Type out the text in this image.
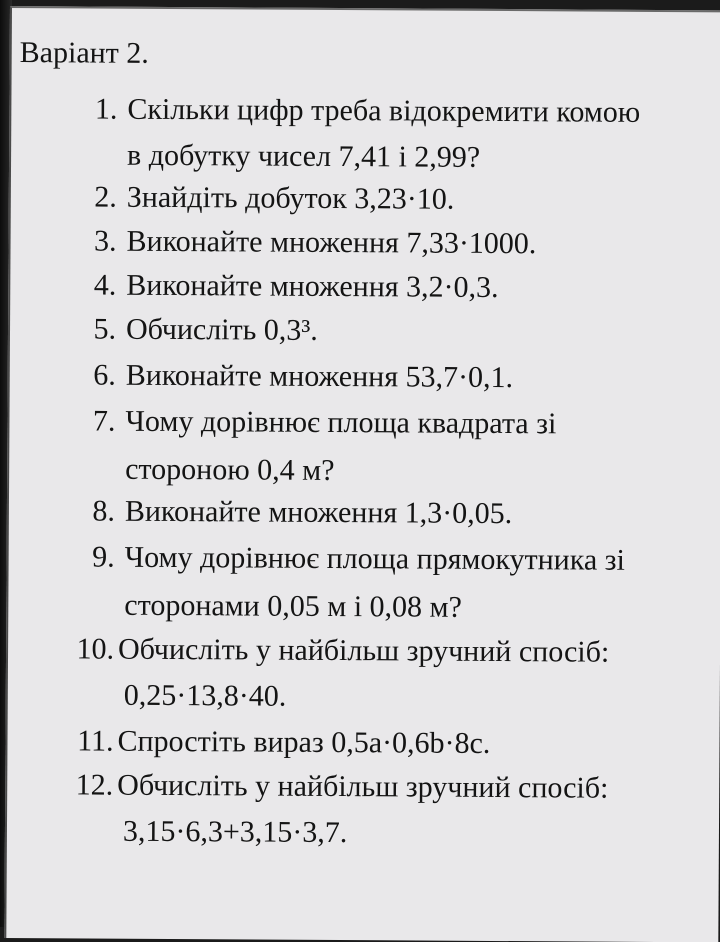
Варіант 2.
1. Скільки цифр треба відокремити комою
в добутку чисел 7,41 і 2,99?
2. Знайдіть добуток 3,23·10.
3. Виконайте множення 7,33·1000.
4. Виконайте множення 3,2·0,3.
5. Обчисліть 0,3³.
6. Виконайте множення 53,7·0,1.
7. Чому дорівнює площа квадрата зі
стороною 0,4 м?
8. Виконайте множення 1,3·0,05.
9. Чому дорівнює площа прямокутника зі
сторонами 0,05 м і 0,08 м?
10. Обчисліть у найбільш зручний спосіб:
0,25·13,8·40.
11. Спростіть вираз 0,5a·0,6b·8c.
12. Обчисліть у найбільш зручний спосіб:
3,15·6,3+3,15·3,7.
